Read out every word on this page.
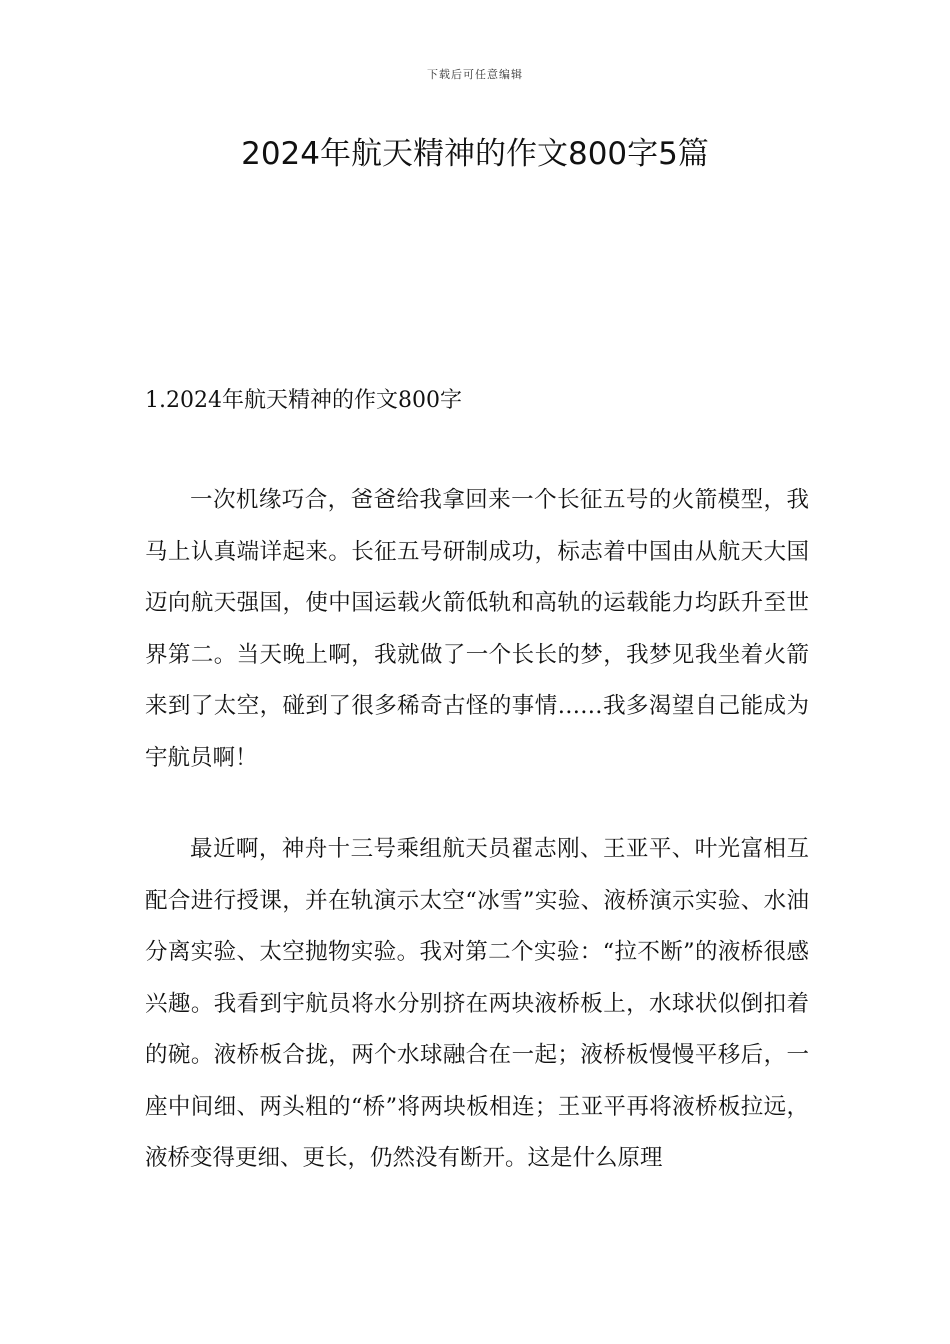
下载后可任意编辑
2024年航天精神的作文800字5篇
1.2024年航天精神的作文800字

一次机缘巧合，爸爸给我拿回来一个长征五号的火箭模型，我马上认真端详起来。长征五号研制成功，标志着中国由从航天大国迈向航天强国，使中国运载火箭低轨和高轨的运载能力均跃升至世界第二。当天晚上啊，我就做了一个长长的梦，我梦见我坐着火箭来到了太空，碰到了很多稀奇古怪的事情……我多渴望自己能成为宇航员啊！

最近啊，神舟十三号乘组航天员翟志刚、王亚平、叶光富相互配合进行授课，并在轨演示太空“冰雪”实验、液桥演示实验、水油分离实验、太空抛物实验。我对第二个实验：“拉不断”的液桥很感兴趣。我看到宇航员将水分别挤在两块液桥板上，水球状似倒扣着的碗。液桥板合拢，两个水球融合在一起；液桥板慢慢平移后，一座中间细、两头粗的“桥”将两块板相连；王亚平再将液桥板拉远，液桥变得更细、更长，仍然没有断开。这是什么原理
